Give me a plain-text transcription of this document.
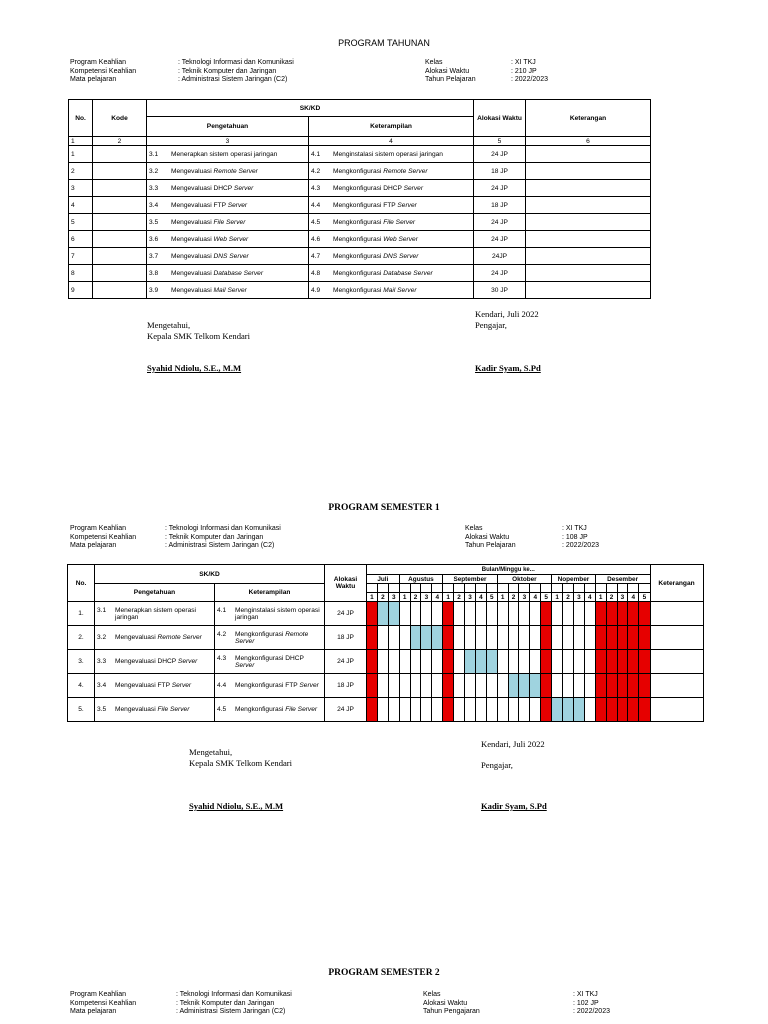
PROGRAM TAHUNAN
Program Keahlian	: Teknologi Informasi dan Komunikasi
Kompetensi Keahlian	: Teknik Komputer dan Jaringan
Mata pelajaran	: Administrasi Sistem Jaringan (C2)
Kelas	: XI TKJ
Alokasi Waktu	: 210 JP
Tahun Pelajaran	: 2022/2023
No.	Kode	SK/KD		Alokasi Waktu	Keterangan
		Pengetahuan	Keterampilan		
1	2	3	4	5	6
1		3.1 Menerapkan sistem operasi jaringan	4.1 Menginstalasi sistem operasi jaringan	24 JP	
2		3.2 Mengevaluasi Remote Server	4.2 Mengkonfigurasi Remote Server	18 JP	
3		3.3 Mengevaluasi DHCP Server	4.3 Mengkonfigurasi DHCP Server	24 JP	
4		3.4 Mengevaluasi FTP Server	4.4 Mengkonfigurasi FTP Server	18 JP	
5		3.5 Mengevaluasi File Server	4.5 Mengkonfigurasi File Server	24 JP	
6		3.6 Mengevaluasi Web Server	4.6 Mengkonfigurasi Web Server	24 JP	
7		3.7 Mengevaluasi DNS Server	4.7 Mengkonfigurasi DNS Server	24JP	
8		3.8 Mengevaluasi Database Server	4.8 Mengkonfigurasi Database Server	24 JP	
9		3.9 Mengevaluasi Mail Server	4.9 Mengkonfigurasi Mail Server	30 JP	
Mengetahui,
Kepala SMK Telkom Kendari
Syahid Ndiolu, S.E., M.M
Kendari, Juli 2022
Pengajar,
Kadir Syam, S.Pd
PROGRAM SEMESTER 1
Program Keahlian	: Teknologi Informasi dan Komunikasi
Kompetensi Keahlian	: Teknik Komputer dan Jaringan
Mata pelajaran	: Administrasi Sistem Jaringan (C2)
Kelas	: XI TKJ
Alokasi Waktu	: 108 JP
Tahun Pelajaran	: 2022/2023
No.	SK/KD		Alokasi Waktu	Bulan/Minggu ke...																										Keterangan
				Juli			Agustus				September					Oktober					Nopember				Desember					
	Pengetahuan	Keterampilan																												
				1	2	3	1	2	3	4	1	2	3	4	5	1	2	3	4	5	1	2	3	4	1	2	3	4	5	
1.	3.1 Menerapkan sistem operasi jaringan	4.1 Menginstalasi sistem operasi jaringan	24 JP																											
2.	3.2 Mengevaluasi Remote Server	4.2 Mengkonfigurasi Remote Server	18 JP																											
3.	3.3 Mengevaluasi DHCP Server	4.3 Mengkonfigurasi DHCP Server	24 JP																											
4.	3.4 Mengevaluasi FTP Server	4.4 Mengkonfigurasi FTP Server	18 JP																											
5.	3.5 Mengevaluasi File Server	4.5 Mengkonfigurasi File Server	24 JP																											
Mengetahui,
Kepala SMK Telkom Kendari
Syahid Ndiolu, S.E., M.M
Kendari, Juli 2022
Pengajar,
Kadir Syam, S.Pd
PROGRAM SEMESTER 2
Program Keahlian	: Teknologi Informasi dan Komunikasi
Kompetensi Keahlian	: Teknik Komputer dan Jaringan
Mata pelajaran	: Administrasi Sistem Jaringan (C2)
Kelas	: XI TKJ
Alokasi Waktu	: 102 JP
Tahun Pengajaran	: 2022/2023
